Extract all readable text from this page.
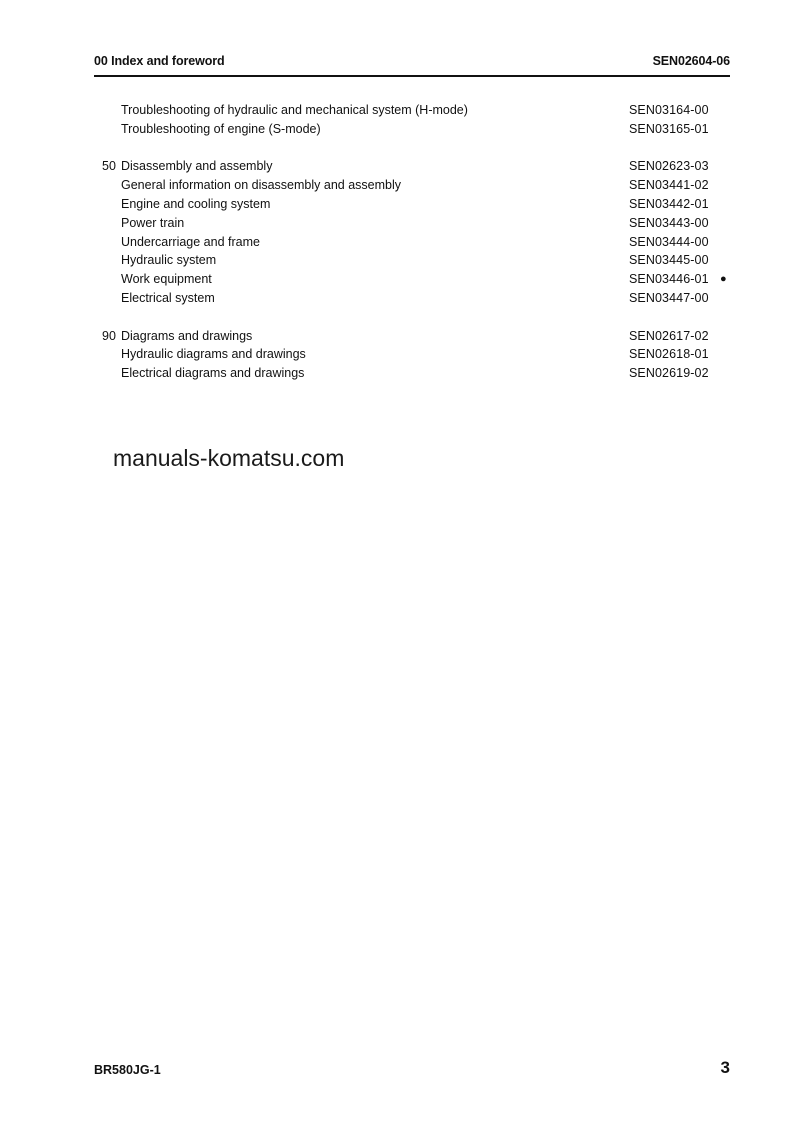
00 Index and foreword	SEN02604-06
Troubleshooting of hydraulic and mechanical system (H-mode)	SEN03164-00
Troubleshooting of engine (S-mode)	SEN03165-01
50 Disassembly and assembly	SEN02623-03
General information on disassembly and assembly	SEN03441-02
Engine and cooling system	SEN03442-01
Power train	SEN03443-00
Undercarriage and frame	SEN03444-00
Hydraulic system	SEN03445-00
Work equipment	SEN03446-01 ●
Electrical system	SEN03447-00
90 Diagrams and drawings	SEN02617-02
Hydraulic diagrams and drawings	SEN02618-01
Electrical diagrams and drawings	SEN02619-02
manuals-komatsu.com
BR580JG-1	3
